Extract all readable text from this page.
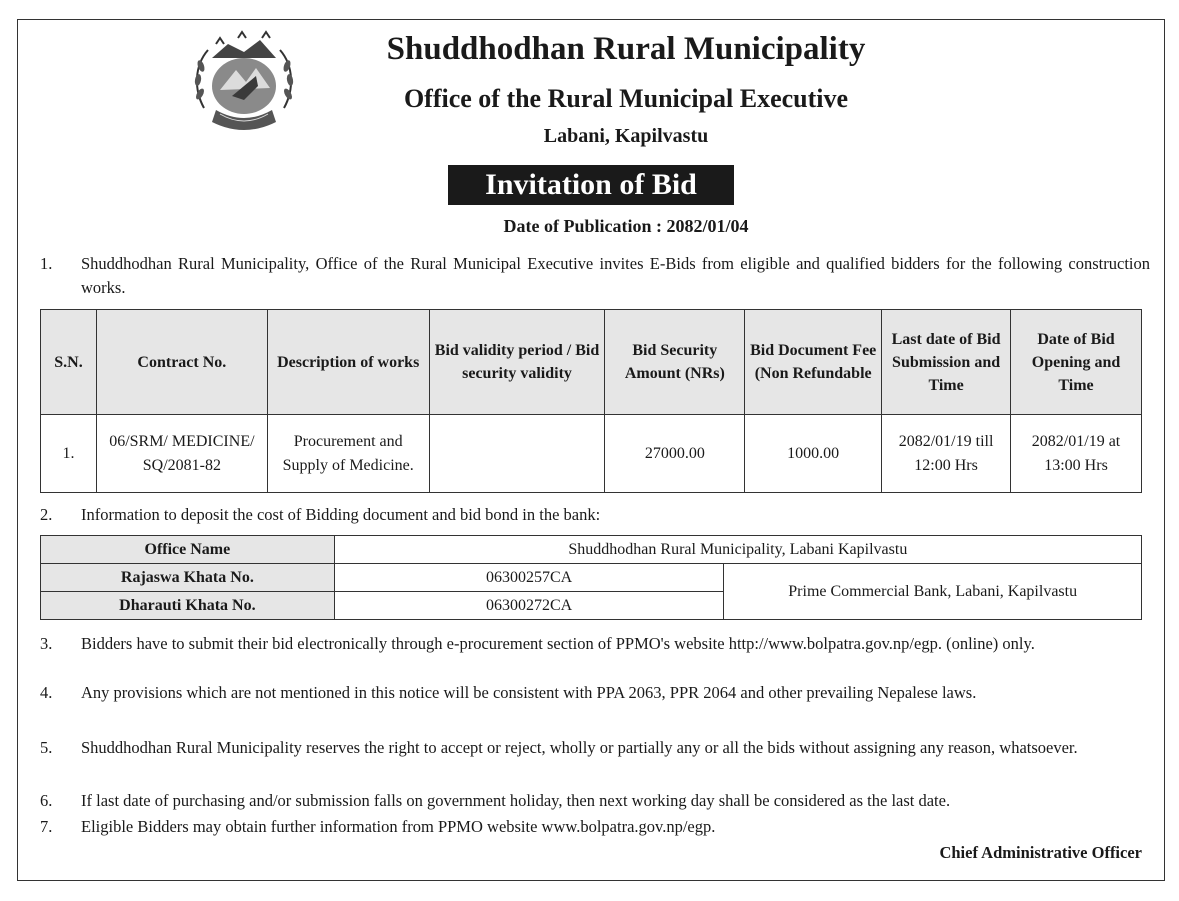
Shuddhodhan Rural Municipality
Office of the Rural Municipal Executive
Labani, Kapilvastu
Invitation of Bid
Date of Publication : 2082/01/04
1. Shuddhodhan Rural Municipality, Office of the Rural Municipal Executive invites E-Bids from eligible and qualified bidders for the following construction works.
S.N.	Contract No.	Description of works	Bid validity period / Bid security validity	Bid Security Amount (NRs)	Bid Document Fee (Non Refundable	Last date of Bid Submission and Time	Date of Bid Opening and Time
1.	06/SRM/ MEDICINE/ SQ/2081-82	Procurement and Supply of Medicine.		27000.00	1000.00	2082/01/19 till 12:00 Hrs	2082/01/19 at 13:00 Hrs
2. Information to deposit the cost of Bidding document and bid bond in the bank:
Office Name	Shuddhodhan Rural Municipality, Labani Kapilvastu	
Rajaswa Khata No.	06300257CA	Prime Commercial Bank, Labani, Kapilvastu
Dharauti Khata No.	06300272CA	
3. Bidders have to submit their bid electronically through e-procurement section of PPMO's website http://www.bolpatra.gov.np/egp. (online) only.
4. Any provisions which are not mentioned in this notice will be consistent with PPA 2063, PPR 2064 and other prevailing Nepalese laws.
5. Shuddhodhan Rural Municipality reserves the right to accept or reject, wholly or partially any or all the bids without assigning any reason, whatsoever.
6. If last date of purchasing and/or submission falls on government holiday, then next working day shall be considered as the last date.
7. Eligible Bidders may obtain further information from PPMO website www.bolpatra.gov.np/egp.
Chief Administrative Officer
